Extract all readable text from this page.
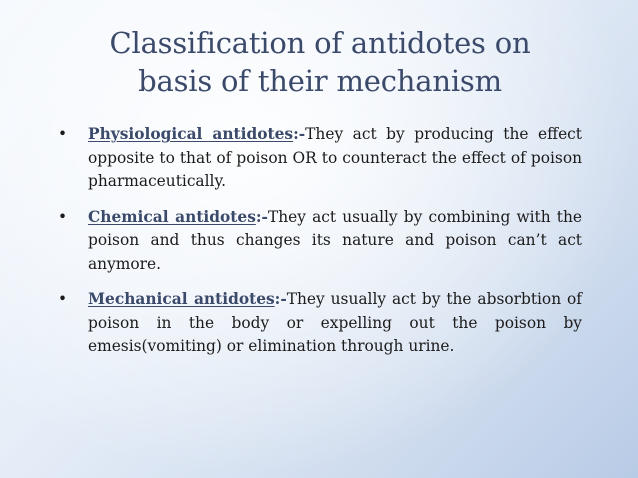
Classification of antidotes on
basis of their mechanism
• Physiological antidotes:-They act by producing the effect opposite to that of poison OR to counteract the effect of poison pharmaceutically.
• Chemical antidotes:-They act usually by combining with the poison and thus changes its nature and poison can’t act anymore.
• Mechanical antidotes:-They usually act by the absorbtion of poison in the body or expelling out the poison by emesis(vomiting) or elimination through urine.
